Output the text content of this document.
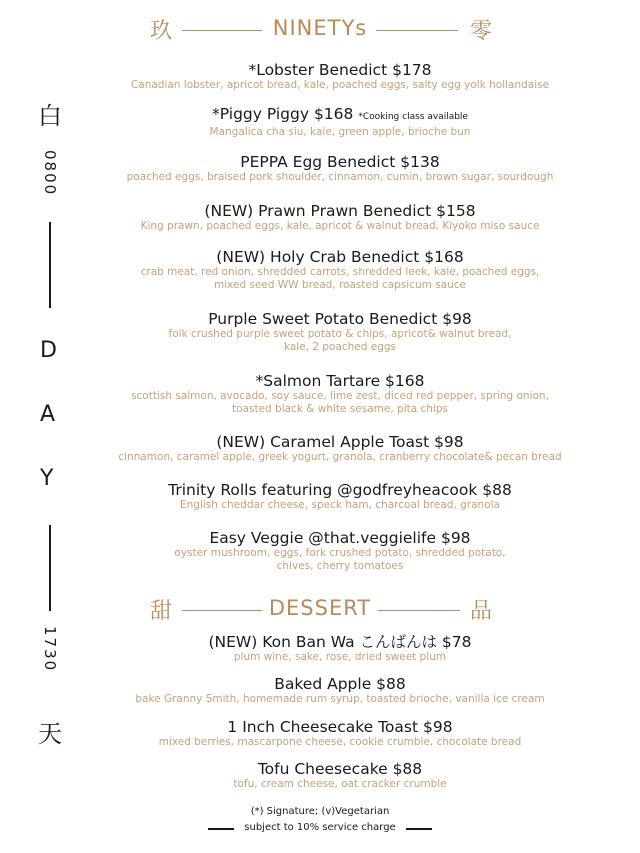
玖	NINETYs	零
白
0800
D
A
Y
1730
天
*Lobster Benedict $178
Canadian lobster, apricot bread, kale, poached eggs, salty egg yolk hollandaise
*Piggy Piggy $168 *Cooking class available
Mangalica cha siu, kale, green apple, brioche bun
PEPPA Egg Benedict $138
poached eggs, braised pork shoulder, cinnamon, cumin, brown sugar, sourdough
(NEW) Prawn Prawn Benedict $158
King prawn, poached eggs, kale, apricot & walnut bread, Kiyoko miso sauce
(NEW) Holy Crab Benedict $168
crab meat, red onion, shredded carrots, shredded leek, kale, poached eggs,
mixed seed WW bread, roasted capsicum sauce
Purple Sweet Potato Benedict $98
folk crushed purple sweet potato & chips, apricot& walnut bread,
kale, 2 poached eggs
*Salmon Tartare $168
scottish salmon, avocado, soy sauce, lime zest, diced red pepper, spring onion,
toasted black & white sesame, pita chips
(NEW) Caramel Apple Toast $98
cinnamon, caramel apple, greek yogurt, granola, cranberry chocolate& pecan bread
Trinity Rolls featuring @godfreyheacook $88
English cheddar cheese, speck ham, charcoal bread, granola
Easy Veggie @that.veggielife $98
oyster mushroom, eggs, fork crushed potato, shredded potato,
chives, cherry tomatoes
甜	DESSERT	品
(NEW) Kon Ban Wa こんばんは $78
plum wine, sake, rose, dried sweet plum
Baked Apple $88
bake Granny Smith, homemade rum syrup, toasted brioche, vanilla ice cream
1 Inch Cheesecake Toast $98
mixed berries, mascarpone cheese, cookie crumble, chocolate bread
Tofu Cheesecake $88
tofu, cream cheese, oat cracker crumble
(*) Signature; (v)Vegetarian
subject to 10% service charge
